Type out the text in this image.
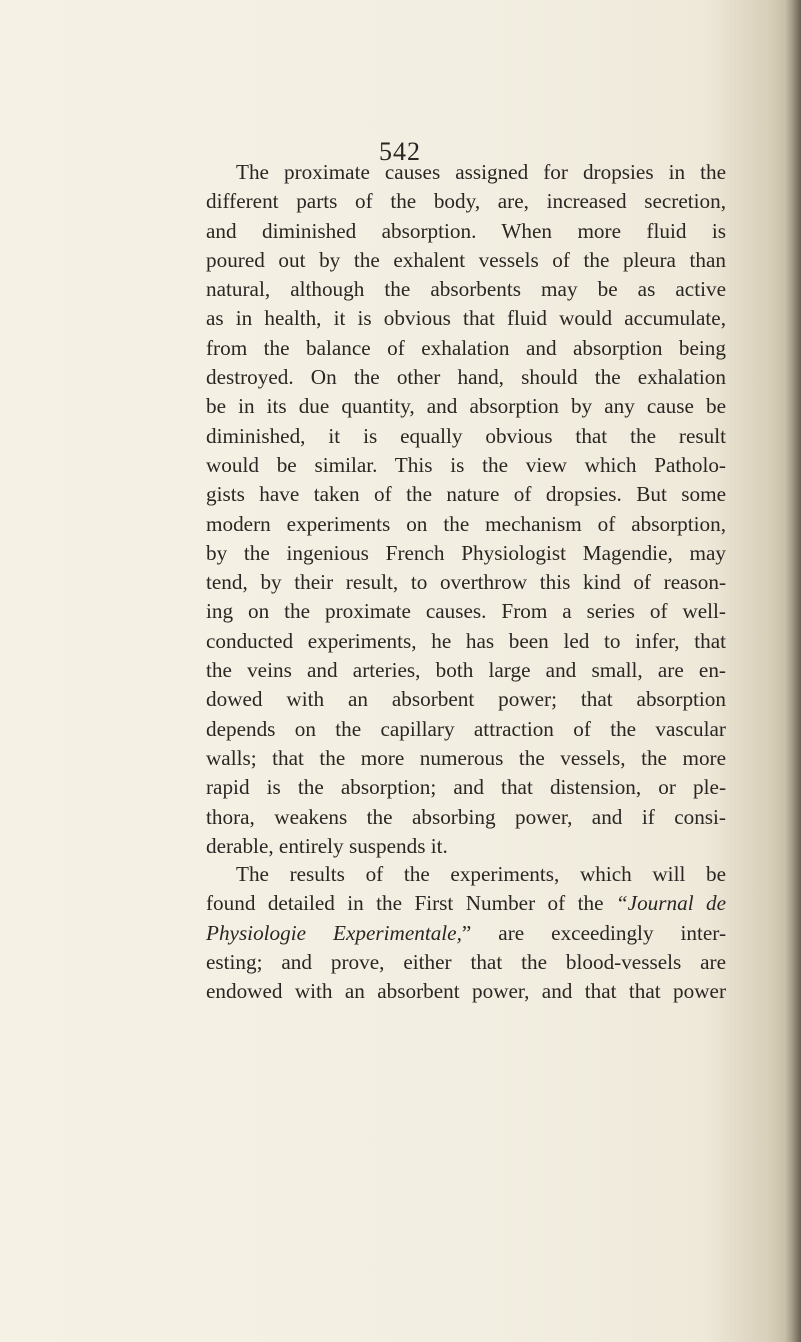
542
The proximate causes assigned for dropsies in the
different parts of the body, are, increased secretion,
and diminished absorption. When more fluid is
poured out by the exhalent vessels of the pleura than
natural, although the absorbents may be as active
as in health, it is obvious that fluid would accumulate,
from the balance of exhalation and absorption being
destroyed. On the other hand, should the exhalation
be in its due quantity, and absorption by any cause be
diminished, it is equally obvious that the result
would be similar. This is the view which Patholo-
gists have taken of the nature of dropsies. But some
modern experiments on the mechanism of absorption,
by the ingenious French Physiologist Magendie, may
tend, by their result, to overthrow this kind of reason-
ing on the proximate causes. From a series of well-
conducted experiments, he has been led to infer, that
the veins and arteries, both large and small, are en-
dowed with an absorbent power; that absorption
depends on the capillary attraction of the vascular
walls; that the more numerous the vessels, the more
rapid is the absorption; and that distension, or ple-
thora, weakens the absorbing power, and if consi-
derable, entirely suspends it.
The results of the experiments, which will be
found detailed in the First Number of the “Journal de
Physiologie Experimentale,” are exceedingly inter-
esting; and prove, either that the blood-vessels are
endowed with an absorbent power, and that that power
